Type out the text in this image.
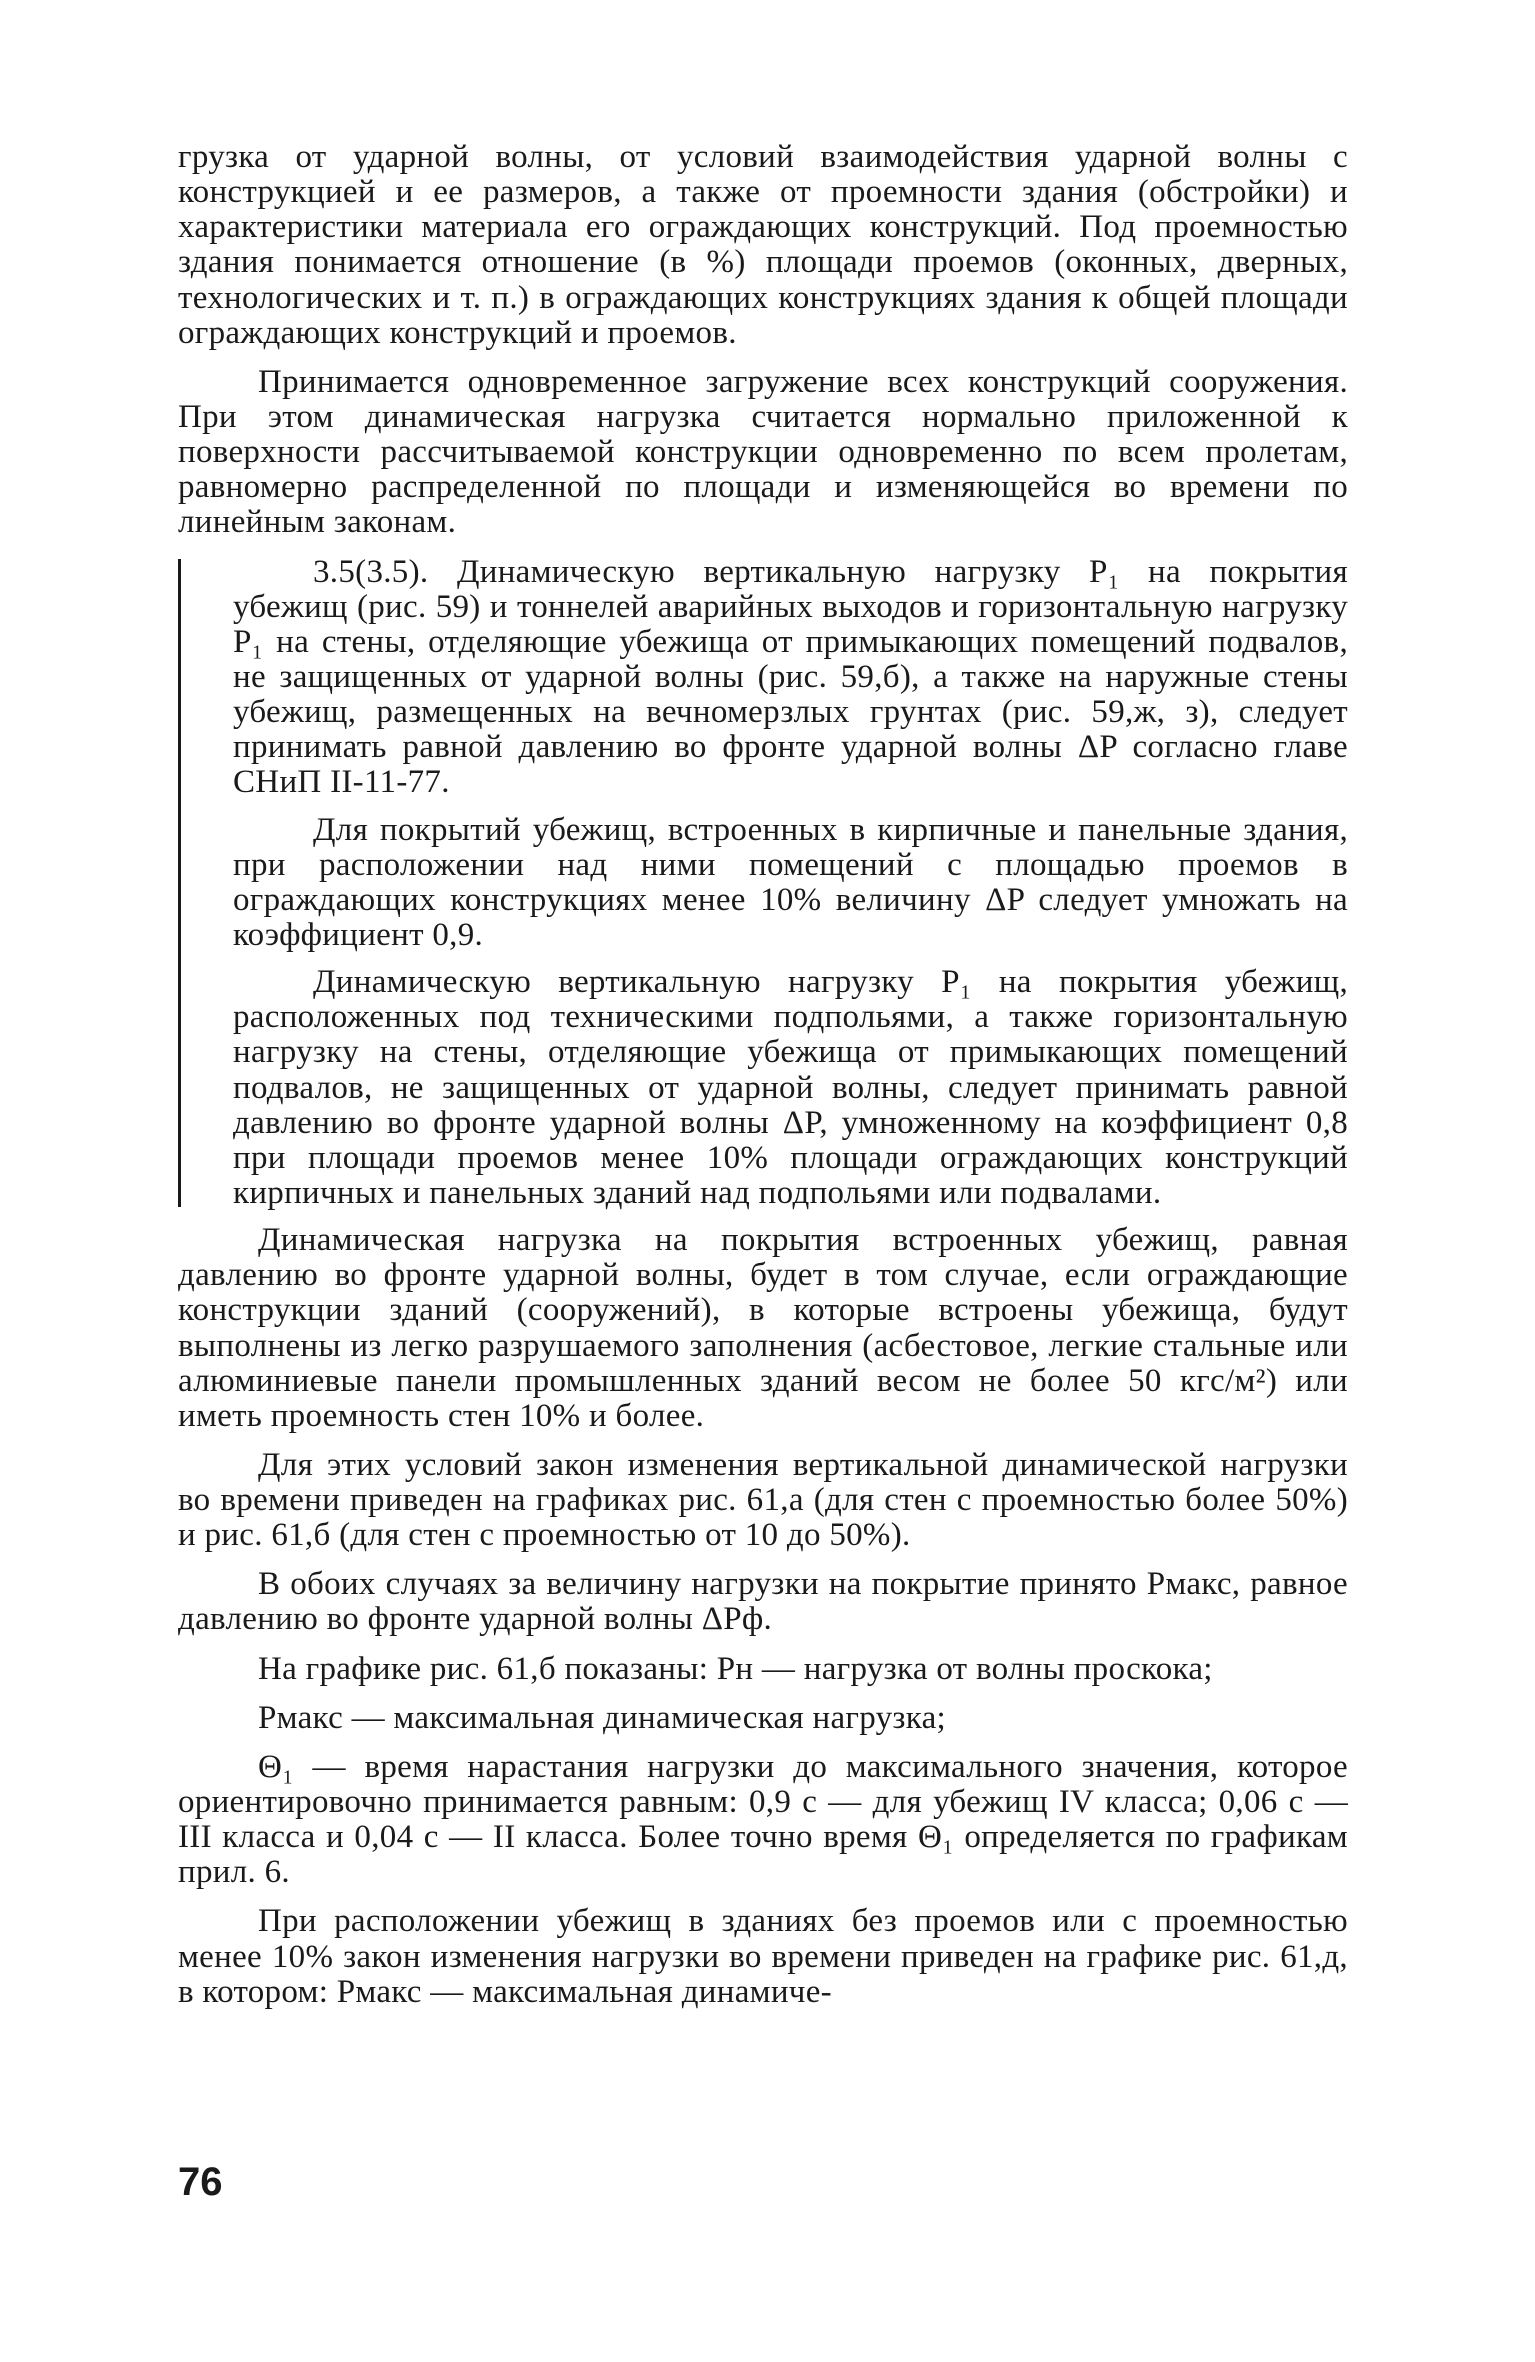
грузка от ударной волны, от условий взаимодействия ударной волны с конструкцией и ее размеров, а также от проемности здания (обстройки) и характеристики материала его ограждающих конструкций. Под проемностью здания понимается отношение (в %) площади проемов (оконных, дверных, технологических и т. п.) в ограждающих конструкциях здания к общей площади ограждающих конструкций и проемов.

Принимается одновременное загружение всех конструкций сооружения. При этом динамическая нагрузка считается нормально приложенной к поверхности рассчитываемой конструкции одновременно по всем пролетам, равномерно распределенной по площади и изменяющейся во времени по линейным законам.

3.5(3.5). Динамическую вертикальную нагрузку P₁ на покрытия убежищ (рис. 59) и тоннелей аварийных выходов и горизонтальную нагрузку P₁ на стены, отделяющие убежища от примыкающих помещений подвалов, не защищенных от ударной волны (рис. 59,б), а также на наружные стены убежищ, размещенных на вечномерзлых грунтах (рис. 59,ж, з), следует принимать равной давлению во фронте ударной волны ΔP согласно главе СНиП II-11-77.

Для покрытий убежищ, встроенных в кирпичные и панельные здания, при расположении над ними помещений с площадью проемов в ограждающих конструкциях менее 10% величину ΔP следует умножать на коэффициент 0,9.

Динамическую вертикальную нагрузку P₁ на покрытия убежищ, расположенных под техническими подпольями, а также горизонтальную нагрузку на стены, отделяющие убежища от примыкающих помещений подвалов, не защищенных от ударной волны, следует принимать равной давлению во фронте ударной волны ΔP, умноженному на коэффициент 0,8 при площади проемов менее 10% площади ограждающих конструкций кирпичных и панельных зданий над подпольями или подвалами.

Динамическая нагрузка на покрытия встроенных убежищ, равная давлению во фронте ударной волны, будет в том случае, если ограждающие конструкции зданий (сооружений), в которые встроены убежища, будут выполнены из легко разрушаемого заполнения (асбестовое, легкие стальные или алюминиевые панели промышленных зданий весом не более 50 кгс/м²) или иметь проемность стен 10% и более.

Для этих условий закон изменения вертикальной динамической нагрузки во времени приведен на графиках рис. 61,а (для стен с проемностью более 50%) и рис. 61,б (для стен с проемностью от 10 до 50%).

В обоих случаях за величину нагрузки на покрытие принято Pмакс, равное давлению во фронте ударной волны ΔPф.

На графике рис. 61,б показаны: Pн — нагрузка от волны проскока;

Pмакс — максимальная динамическая нагрузка;

Θ₁ — время нарастания нагрузки до максимального значения, которое ориентировочно принимается равным: 0,9 с — для убежищ IV класса; 0,06 с — III класса и 0,04 с — II класса. Более точно время Θ₁ определяется по графикам прил. 6.

При расположении убежищ в зданиях без проемов или с проемностью менее 10% закон изменения нагрузки во времени приведен на графике рис. 61,д, в котором: Pмакс — максимальная динамиче-

76
